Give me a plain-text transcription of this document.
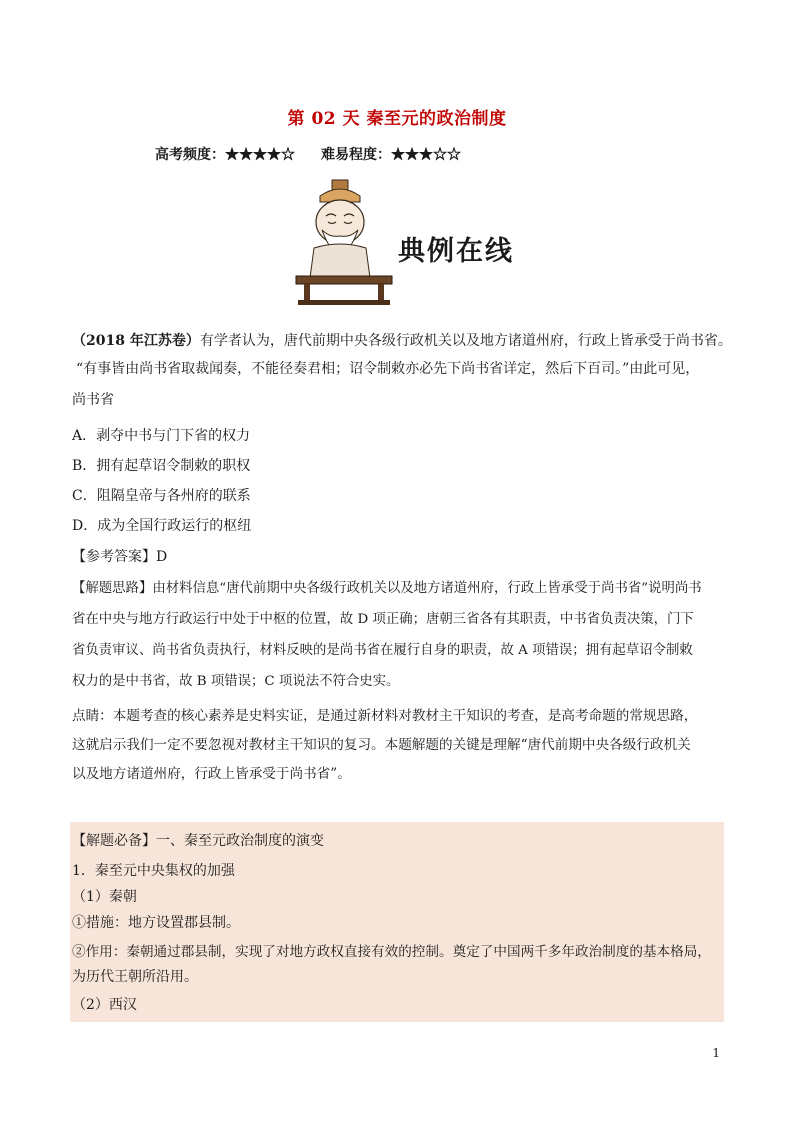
第 02 天 秦至元的政治制度
高考频度：★★★★☆ 难易程度：★★★☆☆
典例在线
（2018 年江苏卷）有学者认为，唐代前期中央各级行政机关以及地方诸道州府，行政上皆承受于尚书省。
“有事皆由尚书省取裁闻奏，不能径奏君相；诏令制敕亦必先下尚书省详定，然后下百司。”由此可见，
尚书省
A．剥夺中书与门下省的权力
B．拥有起草诏令制敕的职权
C．阻隔皇帝与各州府的联系
D．成为全国行政运行的枢纽
【参考答案】D
【解题思路】由材料信息“唐代前期中央各级行政机关以及地方诸道州府，行政上皆承受于尚书省”说明尚书
省在中央与地方行政运行中处于中枢的位置，故 D 项正确；唐朝三省各有其职责，中书省负责决策，门下
省负责审议、尚书省负责执行，材料反映的是尚书省在履行自身的职责，故 A 项错误；拥有起草诏令制敕
权力的是中书省，故 B 项错误；C 项说法不符合史实。
点睛：本题考查的核心素养是史料实证，是通过新材料对教材主干知识的考查，是高考命题的常规思路，
这就启示我们一定不要忽视对教材主干知识的复习。本题解题的关键是理解“唐代前期中央各级行政机关
以及地方诸道州府，行政上皆承受于尚书省”。
【解题必备】一、秦至元政治制度的演变
1．秦至元中央集权的加强
（1）秦朝
①措施：地方设置郡县制。
②作用：秦朝通过郡县制，实现了对地方政权直接有效的控制。奠定了中国两千多年政治制度的基本格局，
为历代王朝所沿用。
（2）西汉
1
